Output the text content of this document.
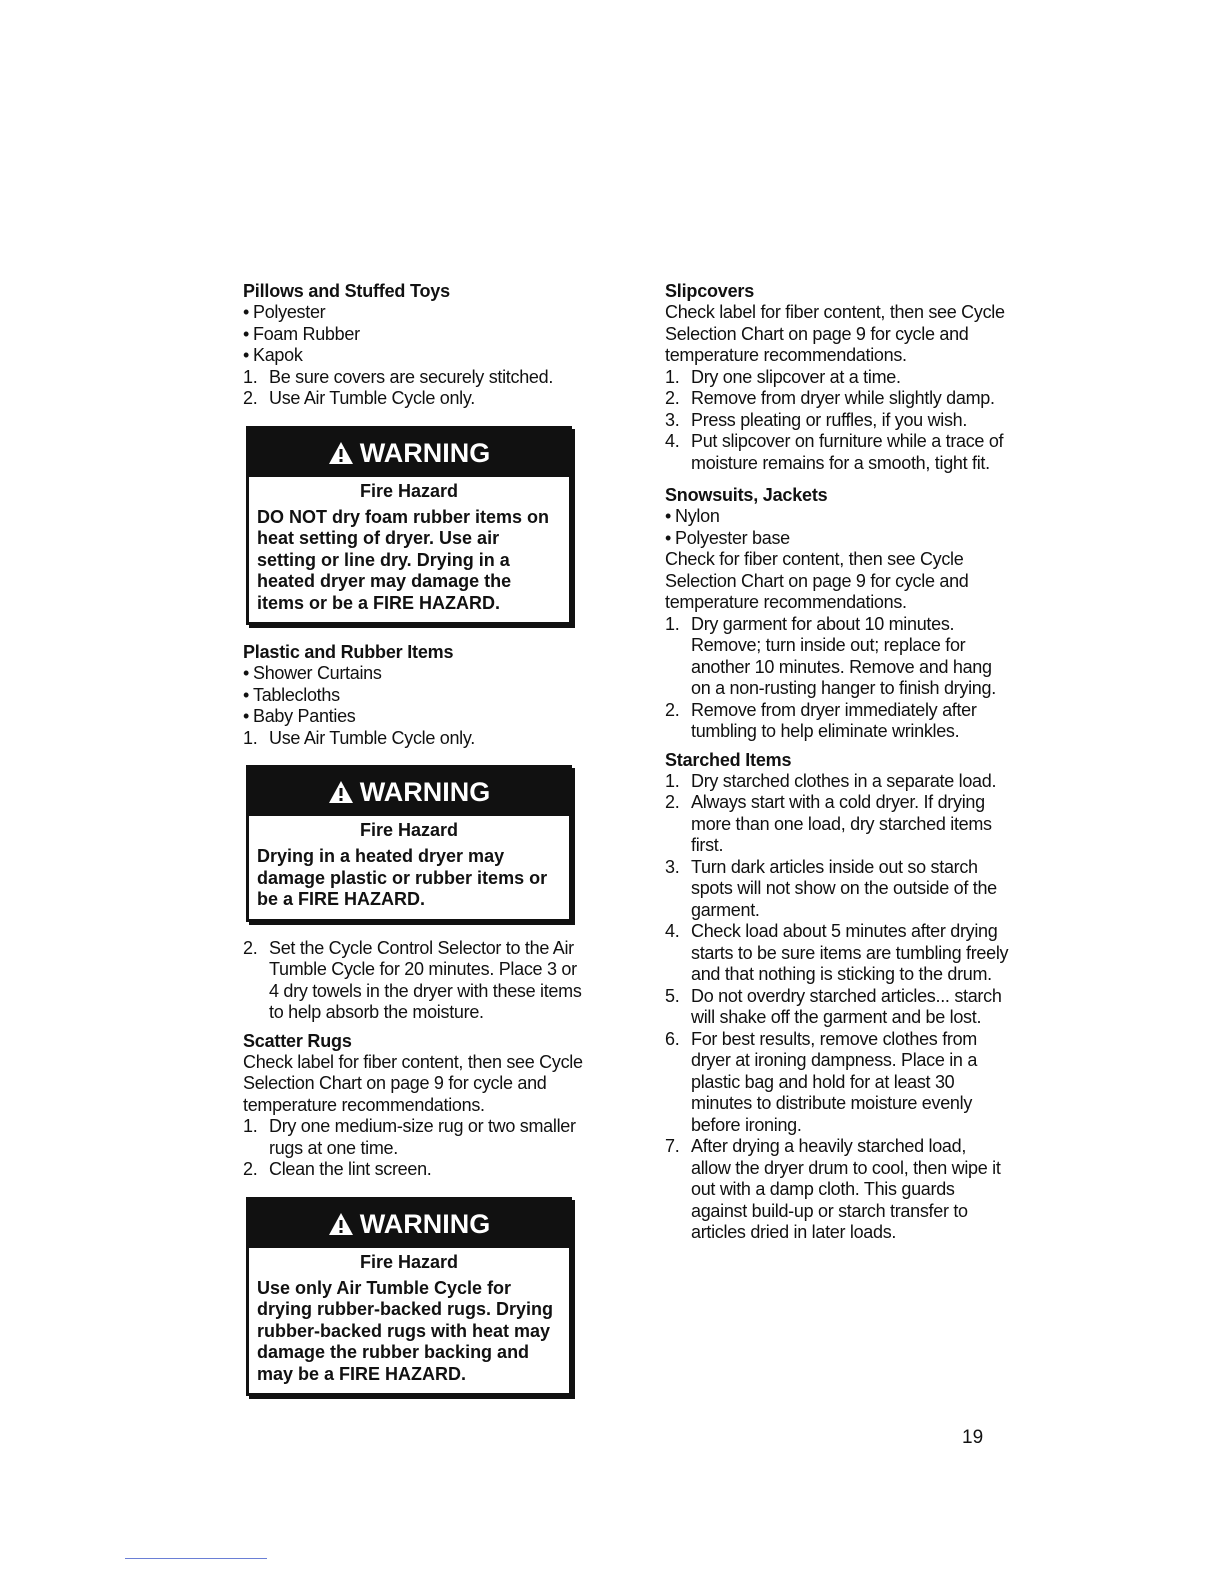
Pillows and Stuffed Toys

• Polyester

• Foam Rubber

• Kapok

1. Be sure covers are securely stitched.
2. Use Air Tumble Cycle only.
WARNING
Fire Hazard
DO NOT dry foam rubber items on heat setting of dryer. Use air setting or line dry. Drying in a heated dryer may damage the items or be a FIRE HAZARD.

Plastic and Rubber Items

• Shower Curtains

• Tablecloths

• Baby Panties

1. Use Air Tumble Cycle only.
WARNING
Fire Hazard
Drying in a heated dryer may damage plastic or rubber items or be a FIRE HAZARD.
2. Set the Cycle Control Selector to the Air Tumble Cycle for 20 minutes. Place 3 or 4 dry towels in the dryer with these items to help absorb the moisture.

Scatter Rugs

Check label for fiber content, then see Cycle Selection Chart on page 9 for cycle and temperature recommendations.

1. Dry one medium-size rug or two smaller rugs at one time.
2. Clean the lint screen.
WARNING
Fire Hazard
Use only Air Tumble Cycle for drying rubber-backed rugs. Drying rubber-backed rugs with heat may damage the rubber backing and may be a FIRE HAZARD.

Slipcovers

Check label for fiber content, then see Cycle Selection Chart on page 9 for cycle and temperature recommendations.

1. Dry one slipcover at a time.
2. Remove from dryer while slightly damp.
3. Press pleating or ruffles, if you wish.
4. Put slipcover on furniture while a trace of moisture remains for a smooth, tight fit.

Snowsuits, Jackets

• Nylon

• Polyester base

Check for fiber content, then see Cycle Selection Chart on page 9 for cycle and temperature recommendations.

1. Dry garment for about 10 minutes. Remove; turn inside out; replace for another 10 minutes. Remove and hang on a non-rusting hanger to finish drying.
2. Remove from dryer immediately after tumbling to help eliminate wrinkles.

Starched Items

1. Dry starched clothes in a separate load.
2. Always start with a cold dryer. If drying more than one load, dry starched items first.
3. Turn dark articles inside out so starch spots will not show on the outside of the garment.
4. Check load about 5 minutes after drying starts to be sure items are tumbling freely and that nothing is sticking to the drum.
5. Do not overdry starched articles... starch will shake off the garment and be lost.
6. For best results, remove clothes from dryer at ironing dampness. Place in a plastic bag and hold for at least 30 minutes to distribute moisture evenly before ironing.
7. After drying a heavily starched load, allow the dryer drum to cool, then wipe it out with a damp cloth. This guards against build-up or starch transfer to articles dried in later loads.
19
